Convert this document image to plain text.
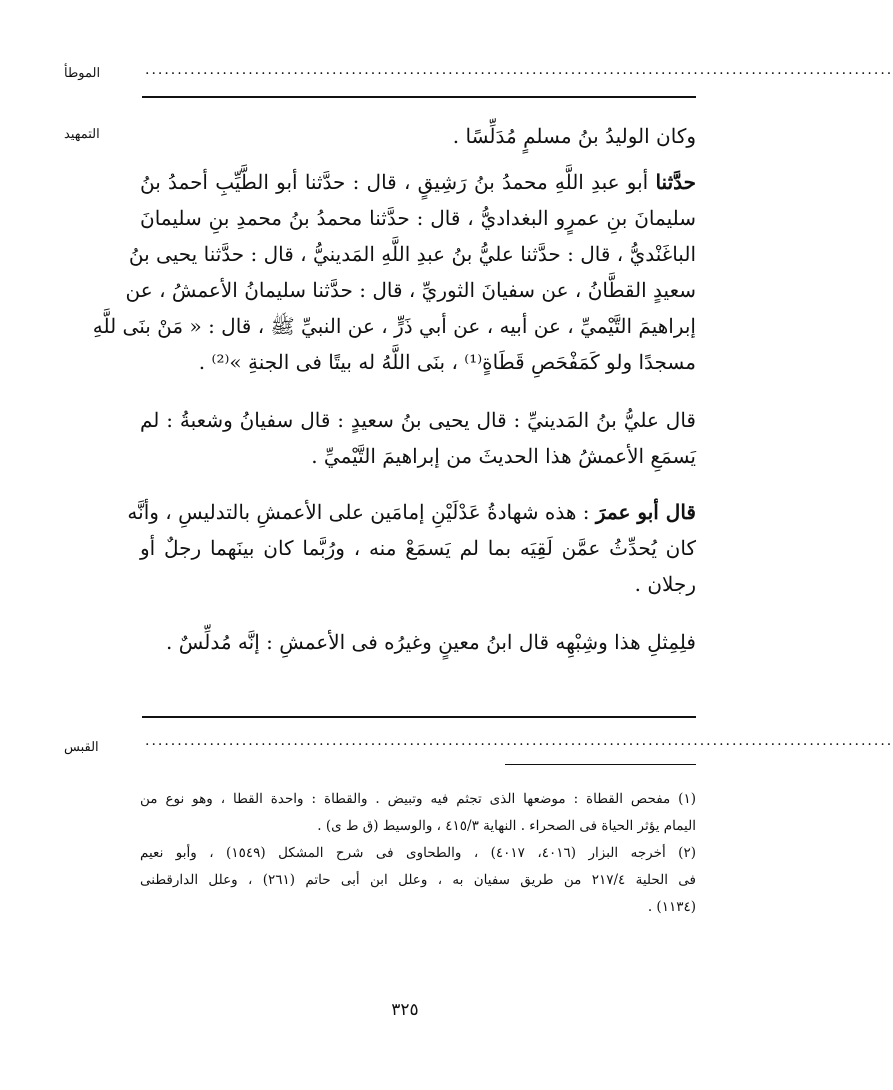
الموطأ
التمهيد
القبس
....................................................................................................................

وكان الوليدُ بنُ مسلمٍ مُدَلِّسًا .

حدَّثنا أبو عبدِ اللَّهِ محمدُ بنُ رَشِيقٍ ، قال : حدَّثنا أبو الطَّيِّبِ أحمدُ بنُ
سليمانَ بنِ عمرٍو البغداديُّ ، قال : حدَّثنا محمدُ بنُ محمدِ بنِ سليمانَ
الباغَنْديُّ ، قال : حدَّثنا عليُّ بنُ عبدِ اللَّهِ المَدينيُّ ، قال : حدَّثنا يحيى بنُ
سعيدٍ القطَّانُ ، عن سفيانَ الثوريِّ ، قال : حدَّثنا سليمانُ الأعمشُ ، عن
إبراهيمَ التَّيْميِّ ، عن أبيه ، عن أبي ذَرٍّ ، عن النبيِّ ﷺ ، قال : « مَنْ بنَى للَّهِ
مسجدًا ولو كَمَفْحَصِ قَطَاةٍ⁽¹⁾ ، بنَى اللَّهُ له بيتًا فى الجنةِ »⁽²⁾ .

قال عليُّ بنُ المَدينيِّ : قال يحيى بنُ سعيدٍ : قال سفيانُ وشعبةُ : لم
يَسمَعِ الأعمشُ هذا الحديثَ من إبراهيمَ التَّيْميِّ .

قال أبو عمرَ : هذه شهادةُ عَدْلَيْنِ إمامَين على الأعمشِ بالتدليسِ ، وأنَّه
كان يُحدِّثُ عمَّن لَقِيَه بما لم يَسمَعْ منه ، ورُبَّما كان بينَهما رجلٌ أو
رجلان .

فلِمِثلِ هذا وشِبْهِه قال ابنُ معينٍ وغيرُه فى الأعمشِ : إنَّه مُدلِّسٌ .

....................................................................................................................

(١) مفحص القطاة : موضعها الذى تجثم فيه وتبيض . والقطاة : واحدة القطا ، وهو نوع من
اليمام يؤثر الحياة فى الصحراء . النهاية ٤١٥/٣ ، والوسيط (ق ط ى) .

(٢) أخرجه البزار (٤٠١٦، ٤٠١٧) ، والطحاوى فى شرح المشكل (١٥٤٩) ، وأبو نعيم
فى الحلية ٢١٧/٤ من طريق سفيان به ، وعلل ابن أبى حاتم (٢٦١) ، وعلل الدارقطنى
(١١٣٤) .

٣٢٥
